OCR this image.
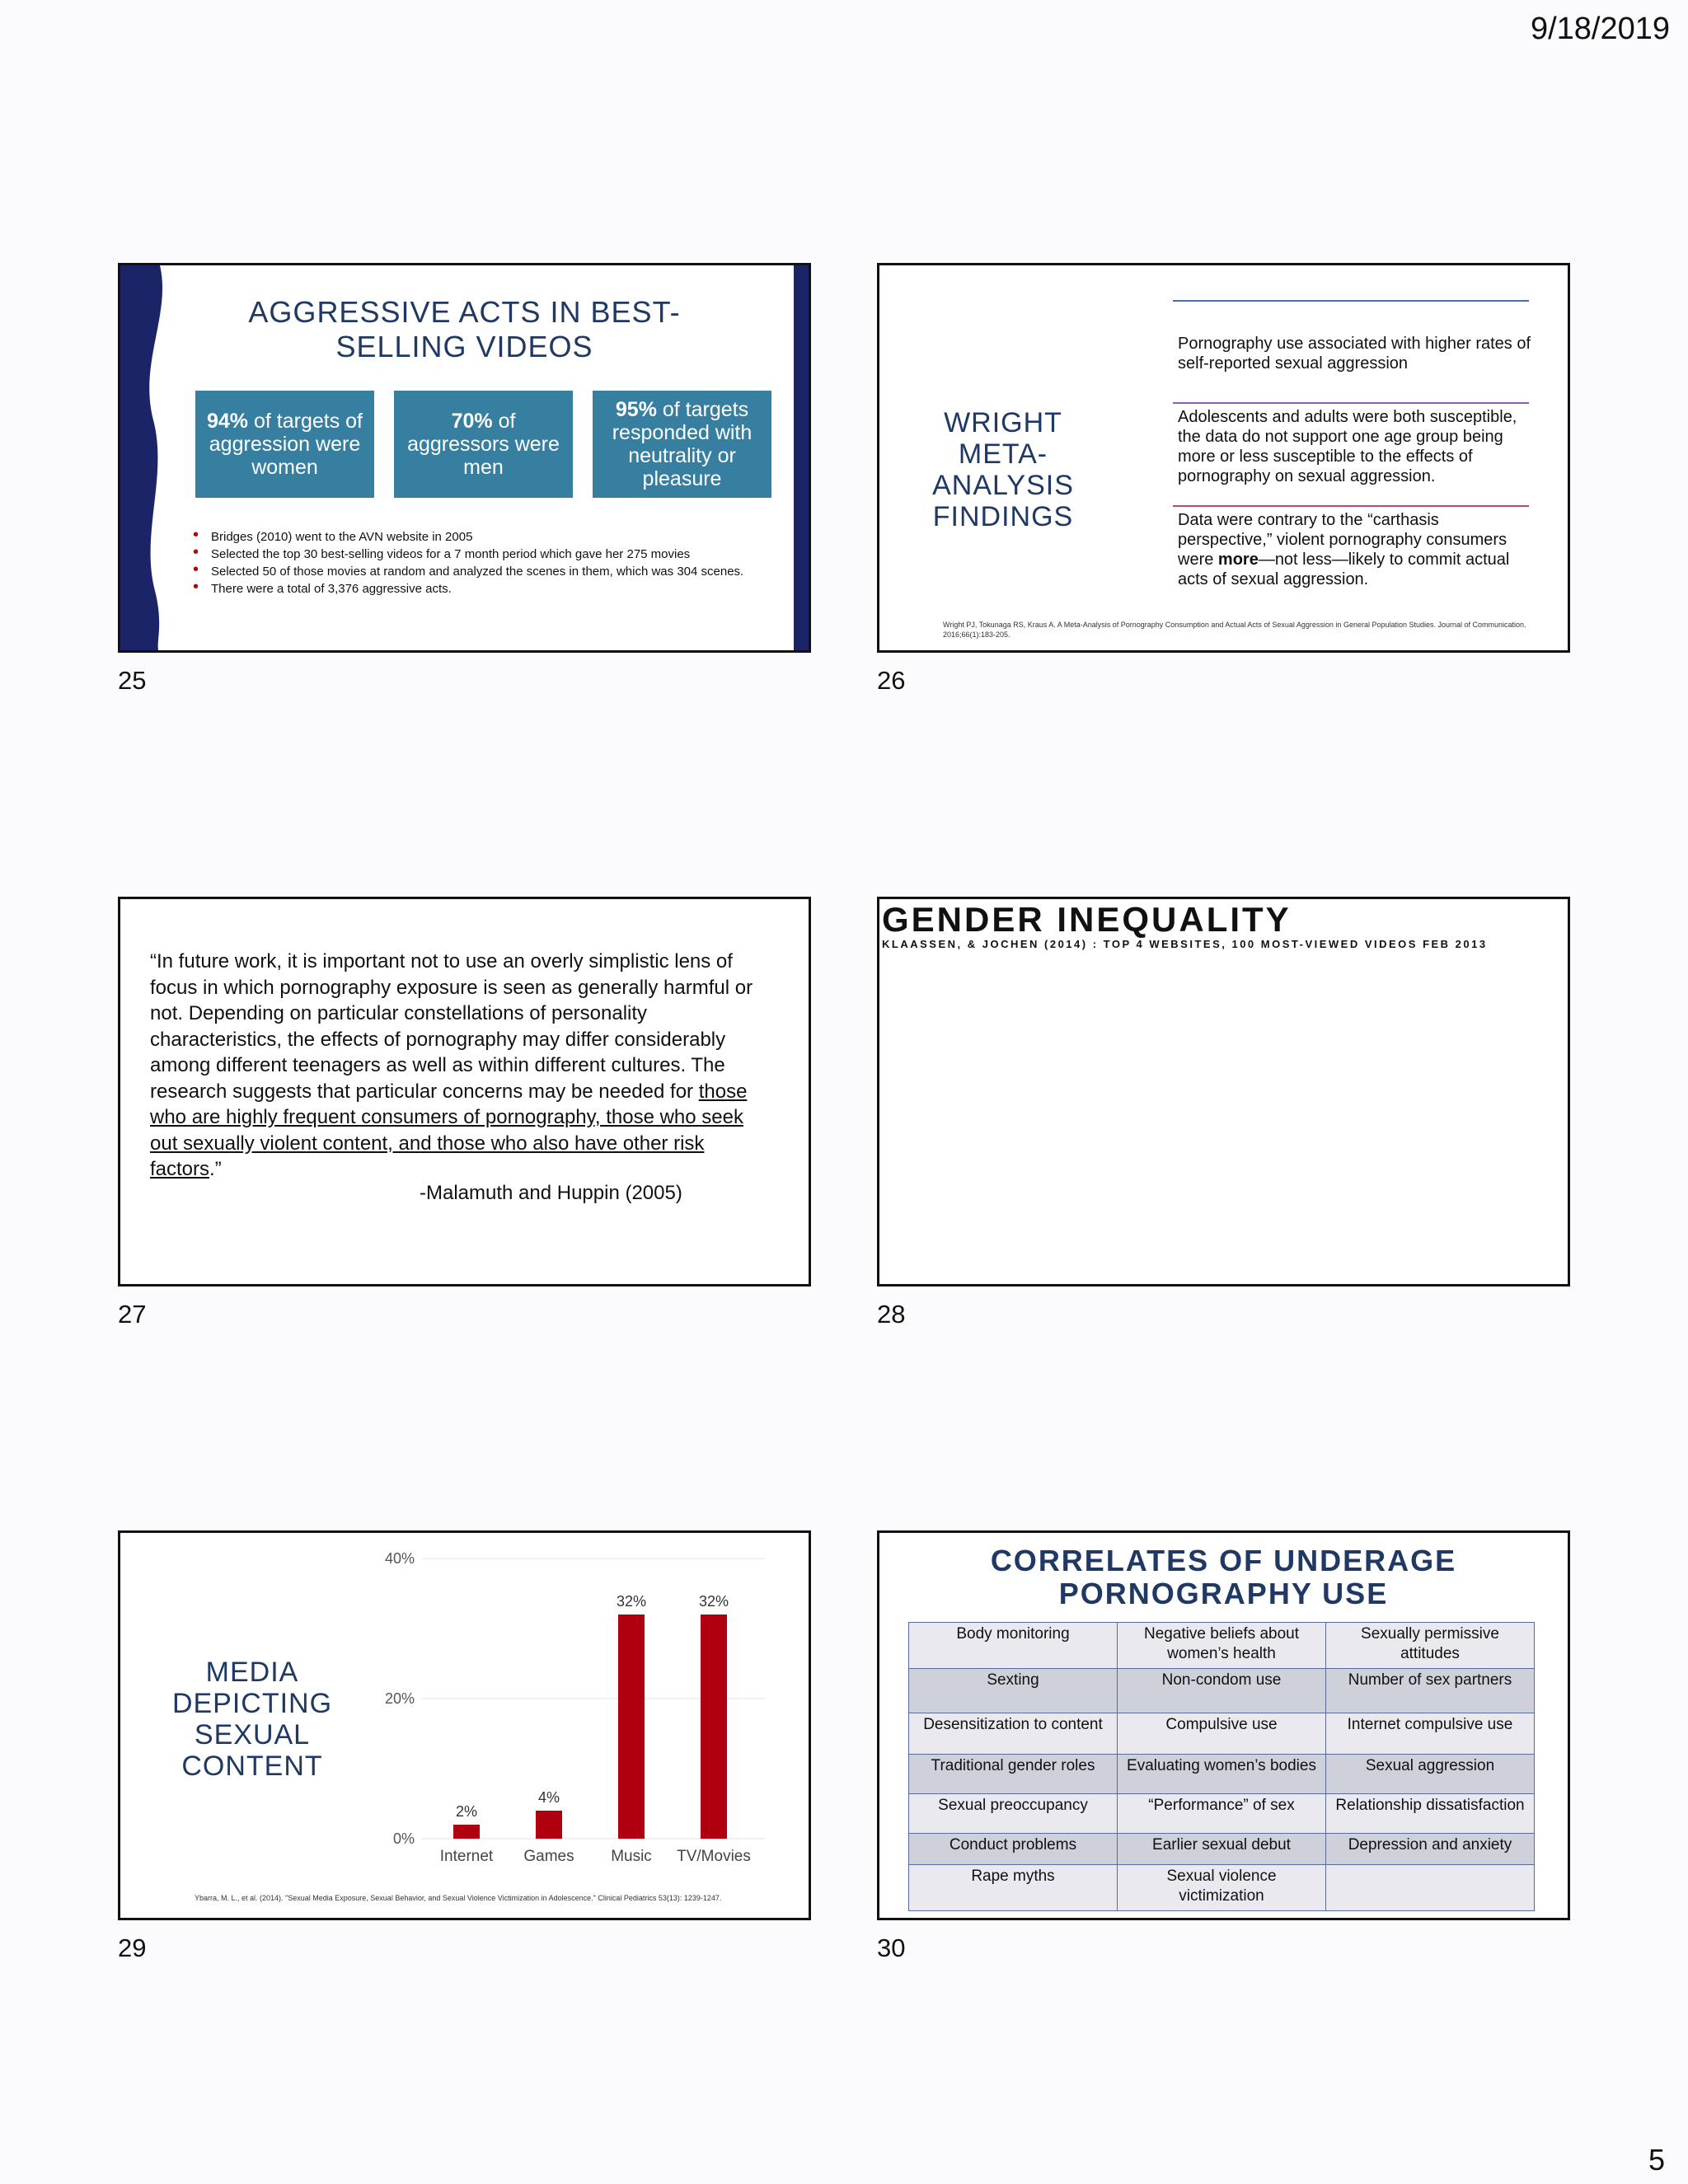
9/18/2019
25
AGGRESSIVE ACTS IN BEST-
SELLING VIDEOS
94% of targets of aggression were women
70% of aggressors were men
95% of targets responded with neutrality or pleasure
• Bridges (2010) went to the AVN website in 2005
• Selected the top 30 best-selling videos for a 7 month period which gave her 275 movies
• Selected 50 of those movies at random and analyzed the scenes in them, which was 304 scenes.
• There were a total of 3,376 aggressive acts.
26
WRIGHT
META-ANALYSIS
FINDINGS
Pornography use associated with higher rates of self-reported sexual aggression
Adolescents and adults were both susceptible, the data do not support one age group being more or less susceptible to the effects of pornography on sexual aggression.
Data were contrary to the “carthasis perspective,” violent pornography consumers were more—not less—likely to commit actual acts of sexual aggression.
Wright PJ, Tokunaga RS, Kraus A. A Meta-Analysis of Pornography Consumption and Actual Acts of Sexual Aggression in General Population Studies. Journal of Communication. 2016;66(1):183-205.
27
“In future work, it is important not to use an overly simplistic lens of focus in which pornography exposure is seen as generally harmful or not. Depending on particular constellations of personality characteristics, the effects of pornography may differ considerably among different teenagers as well as within different cultures. The research suggests that particular concerns may be needed for those who are highly frequent consumers of pornography, those who seek out sexually violent content, and those who also have other risk factors.”
-Malamuth and Huppin (2005)
28
GENDER INEQUALITY
KLAASSEN, & JOCHEN (2014) : TOP 4 WEBSITES, 100 MOST-VIEWED VIDEOS FEB 2013
29
MEDIA
DEPICTING
SEXUAL
CONTENT
0%
20%
40%
2%
Internet
4%
Games
32%
Music
32%
TV/Movies
Ybarra, M. L., et al. (2014). "Sexual Media Exposure, Sexual Behavior, and Sexual Violence Victimization in Adolescence." Clinical Pediatrics 53(13): 1239-1247.
30
CORRELATES OF UNDERAGE
PORNOGRAPHY USE
Body monitoring	Negative beliefs about women’s health	Sexually permissive attitudes
Sexting	Non-condom use	Number of sex partners
Desensitization to content	Compulsive use	Internet compulsive use
Traditional gender roles	Evaluating women’s bodies	Sexual aggression
Sexual preoccupancy	“Performance” of sex	Relationship dissatisfaction
Conduct problems	Earlier sexual debut	Depression and anxiety
Rape myths	Sexual violence victimization	
5
